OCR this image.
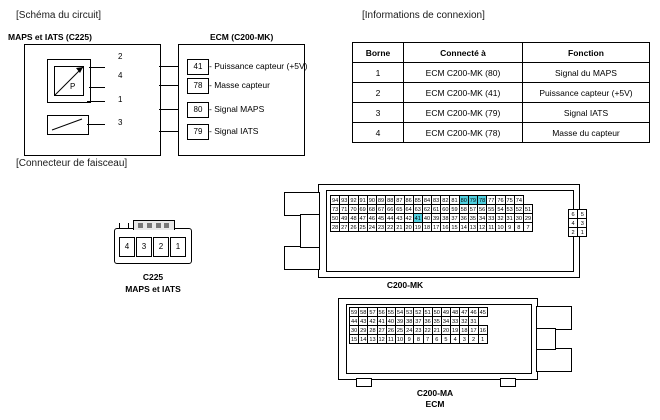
[Schéma du circuit]	[Informations de connexion]
[Connecteur de faisceau]
MAPS et IATS (C225)	ECM (C200-MK)
P
2
4
1
3
41 - Puissance capteur (+5V)
78 - Masse capteur
80 - Signal MAPS
79 - Signal IATS
Borne	Connecté à	Fonction
1	ECM C200-MK (80)	Signal du MAPS
2	ECM C200-MK (41)	Puissance capteur (+5V)
3	ECM C200-MK (79)	Signal IATS
4	ECM C200-MK (78)	Masse du capteur
4	3	2	1
C225
MAPS et IATS
94 93 92 91 90 89 88 87 86 85 84 83 82 81 80 79 78 77 76 75 74
73 71 70 69 68 67 66 65 64 63 62 61 60 59 58 57 56 55 54 53 52 51
50 49 48 47 46 45 44 43 42 41 40 39 38 37 36 35 34 33 32 31 30 29
28 27 26 25 24 23 22 21 20 19 18 17 16 15 14 13 12 11 10 9	8	7
6	5
4	3
2	1
C200-MK
59 58 57 56 55 54 53 52 51 50 49 48 47 46 45
44 43 42 41 40 39 38 37 36 35 34 33 32 31
30 29 28 27 26 25 24 23 22 21 20 19 18 17 16
15 14 13 12 11 10 9	8	7	6	5	4	3	2	1
C200-MA
ECM
